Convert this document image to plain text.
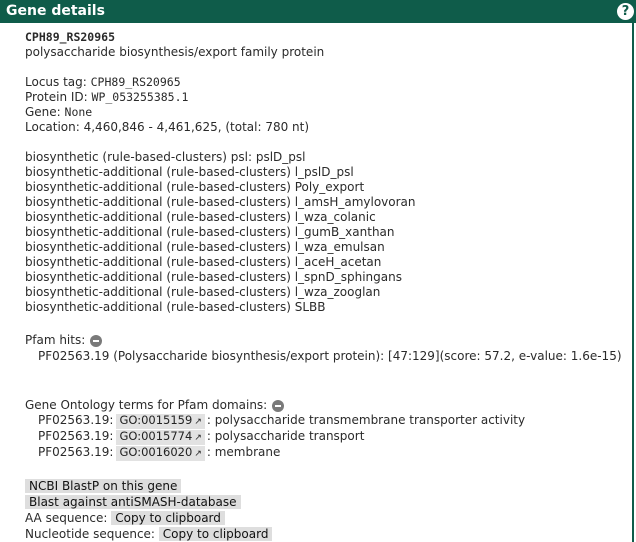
Gene details	?
CPH89_RS20965
polysaccharide biosynthesis/export family protein
Locus tag: CPH89_RS20965
Protein ID: WP_053255385.1
Gene: None
Location: 4,460,846 - 4,461,625, (total: 780 nt)
biosynthetic (rule-based-clusters) psl: pslD_psl
biosynthetic-additional (rule-based-clusters) l_pslD_psl
biosynthetic-additional (rule-based-clusters) Poly_export
biosynthetic-additional (rule-based-clusters) l_amsH_amylovoran
biosynthetic-additional (rule-based-clusters) l_wza_colanic
biosynthetic-additional (rule-based-clusters) l_gumB_xanthan
biosynthetic-additional (rule-based-clusters) l_wza_emulsan
biosynthetic-additional (rule-based-clusters) l_aceH_acetan
biosynthetic-additional (rule-based-clusters) l_spnD_sphingans
biosynthetic-additional (rule-based-clusters) l_wza_zooglan
biosynthetic-additional (rule-based-clusters) SLBB
Pfam hits:
PF02563.19 (Polysaccharide biosynthesis/export protein): [47:129](score: 57.2, e-value: 1.6e-15)
Gene Ontology terms for Pfam domains:
PF02563.19: GO:0015159 ↗ : polysaccharide transmembrane transporter activity
PF02563.19: GO:0015774 ↗ : polysaccharide transport
PF02563.19: GO:0016020 ↗ : membrane
NCBI BlastP on this gene
Blast against antiSMASH-database
AA sequence: Copy to clipboard
Nucleotide sequence: Copy to clipboard
